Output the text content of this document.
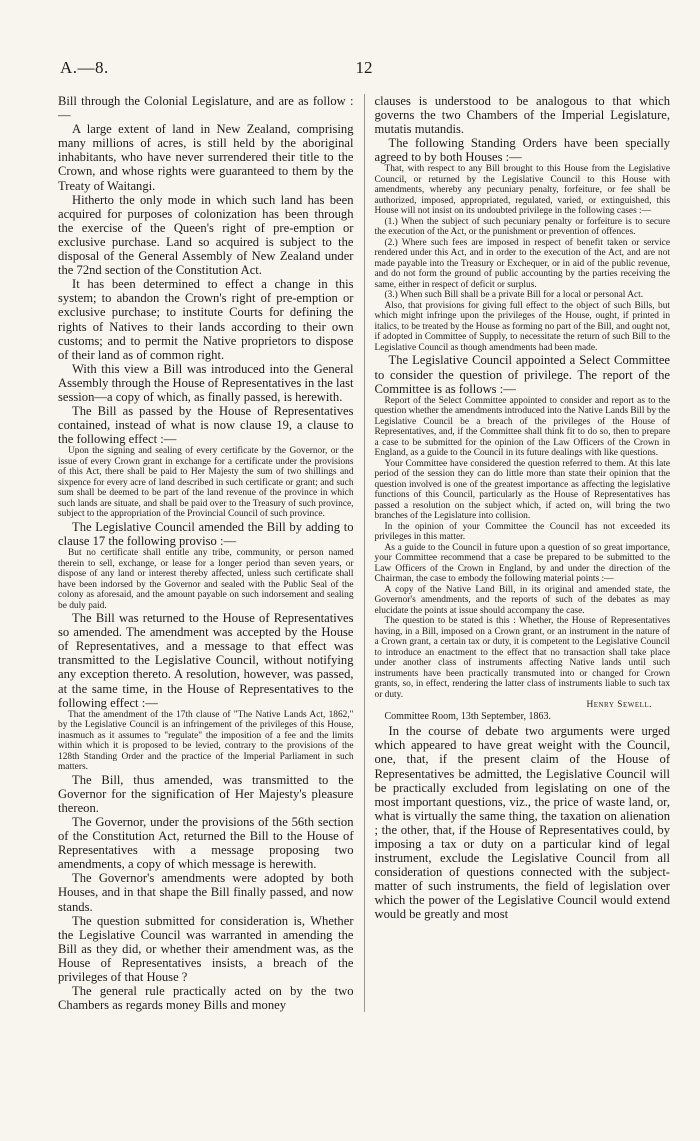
A.—8.	12

Bill through the Colonial Legislature, and are as follow :—

A large extent of land in New Zealand, comprising many millions of acres, is still held by the aboriginal inhabitants, who have never surrendered their title to the Crown, and whose rights were guaranteed to them by the Treaty of Waitangi.

Hitherto the only mode in which such land has been acquired for purposes of colonization has been through the exercise of the Queen's right of pre-emption or exclusive purchase. Land so acquired is subject to the disposal of the General Assembly of New Zealand under the 72nd section of the Constitution Act.

It has been determined to effect a change in this system; to abandon the Crown's right of pre-emption or exclusive purchase; to institute Courts for defining the rights of Natives to their lands according to their own customs; and to permit the Native proprietors to dispose of their land as of common right.

With this view a Bill was introduced into the General Assembly through the House of Representatives in the last session—a copy of which, as finally passed, is herewith.

The Bill as passed by the House of Representatives contained, instead of what is now clause 19, a clause to the following effect :—

Upon the signing and sealing of every certificate by the Governor, or the issue of every Crown grant in exchange for a certificate under the provisions of this Act, there shall be paid to Her Majesty the sum of two shillings and sixpence for every acre of land described in such certificate or grant; and such sum shall be deemed to be part of the land revenue of the province in which such lands are situate, and shall be paid over to the Treasury of such province, subject to the appropriation of the Provincial Council of such province.

The Legislative Council amended the Bill by adding to clause 17 the following proviso :—

But no certificate shall entitle any tribe, community, or person named therein to sell, exchange, or lease for a longer period than seven years, or dispose of any land or interest thereby affected, unless such certificate shall have been indorsed by the Governor and sealed with the Public Seal of the colony as aforesaid, and the amount payable on such indorsement and sealing be duly paid.

The Bill was returned to the House of Representatives so amended. The amendment was accepted by the House of Representatives, and a message to that effect was transmitted to the Legislative Council, without notifying any exception thereto. A resolution, however, was passed, at the same time, in the House of Representatives to the following effect :—

That the amendment of the 17th clause of "The Native Lands Act, 1862," by the Legislative Council is an infringement of the privileges of this House, inasmuch as it assumes to "regulate" the imposition of a fee and the limits within which it is proposed to be levied, contrary to the provisions of the 128th Standing Order and the practice of the Imperial Parliament in such matters.

The Bill, thus amended, was transmitted to the Governor for the signification of Her Majesty's pleasure thereon.

The Governor, under the provisions of the 56th section of the Constitution Act, returned the Bill to the House of Representatives with a message proposing two amendments, a copy of which message is herewith.

The Governor's amendments were adopted by both Houses, and in that shape the Bill finally passed, and now stands.

The question submitted for consideration is, Whether the Legislative Council was warranted in amending the Bill as they did, or whether their amendment was, as the House of Representatives insists, a breach of the privileges of that House ?

The general rule practically acted on by the two Chambers as regards money Bills and money

clauses is understood to be analogous to that which governs the two Chambers of the Imperial Legislature, mutatis mutandis.

The following Standing Orders have been specially agreed to by both Houses :—

That, with respect to any Bill brought to this House from the Legislative Council, or returned by the Legislative Council to this House with amendments, whereby any pecuniary penalty, forfeiture, or fee shall be authorized, imposed, appropriated, regulated, varied, or extinguished, this House will not insist on its undoubted privilege in the following cases :—

(1.) When the subject of such pecuniary penalty or forfeiture is to secure the execution of the Act, or the punishment or prevention of offences.

(2.) Where such fees are imposed in respect of benefit taken or service rendered under this Act, and in order to the execution of the Act, and are not made payable into the Treasury or Exchequer, or in aid of the public revenue, and do not form the ground of public accounting by the parties receiving the same, either in respect of deficit or surplus.

(3.) When such Bill shall be a private Bill for a local or personal Act.

Also, that provisions for giving full effect to the object of such Bills, but which might infringe upon the privileges of the House, ought, if printed in italics, to be treated by the House as forming no part of the Bill, and ought not, if adopted in Committee of Supply, to necessitate the return of such Bill to the Legislative Council as though amendments had been made.

The Legislative Council appointed a Select Committee to consider the question of privilege. The report of the Committee is as follows :—

Report of the Select Committee appointed to consider and report as to the question whether the amendments introduced into the Native Lands Bill by the Legislative Council be a breach of the privileges of the House of Representatives, and, if the Committee shall think fit to do so, then to prepare a case to be submitted for the opinion of the Law Officers of the Crown in England, as a guide to the Council in its future dealings with like questions.

Your Committee have considered the question referred to them. At this late period of the session they can do little more than state their opinion that the question involved is one of the greatest importance as affecting the legislative functions of this Council, particularly as the House of Representatives has passed a resolution on the subject which, if acted on, will bring the two branches of the Legislature into collision.

In the opinion of your Committee the Council has not exceeded its privileges in this matter.

As a guide to the Council in future upon a question of so great importance, your Committee recommend that a case be prepared to be submitted to the Law Officers of the Crown in England, by and under the direction of the Chairman, the case to embody the following material points :—

A copy of the Native Land Bill, in its original and amended state, the Governor's amendments, and the reports of such of the debates as may elucidate the points at issue should accompany the case.

The question to be stated is this : Whether, the House of Representatives having, in a Bill, imposed on a Crown grant, or an instrument in the nature of a Crown grant, a certain tax or duty, it is competent to the Legislative Council to introduce an enactment to the effect that no transaction shall take place under another class of instruments affecting Native lands until such instruments have been practically transmuted into or changed for Crown grants, so, in effect, rendering the latter class of instruments liable to such tax or duty.

Henry Sewell.

Committee Room, 13th September, 1863.

In the course of debate two arguments were urged which appeared to have great weight with the Council, one, that, if the present claim of the House of Representatives be admitted, the Legislative Council will be practically excluded from legislating on one of the most important questions, viz., the price of waste land, or, what is virtually the same thing, the taxation on alienation ; the other, that, if the House of Representatives could, by imposing a tax or duty on a particular kind of legal instrument, exclude the Legislative Council from all consideration of questions connected with the subject-matter of such instruments, the field of legislation over which the power of the Legislative Council would extend would be greatly and most
